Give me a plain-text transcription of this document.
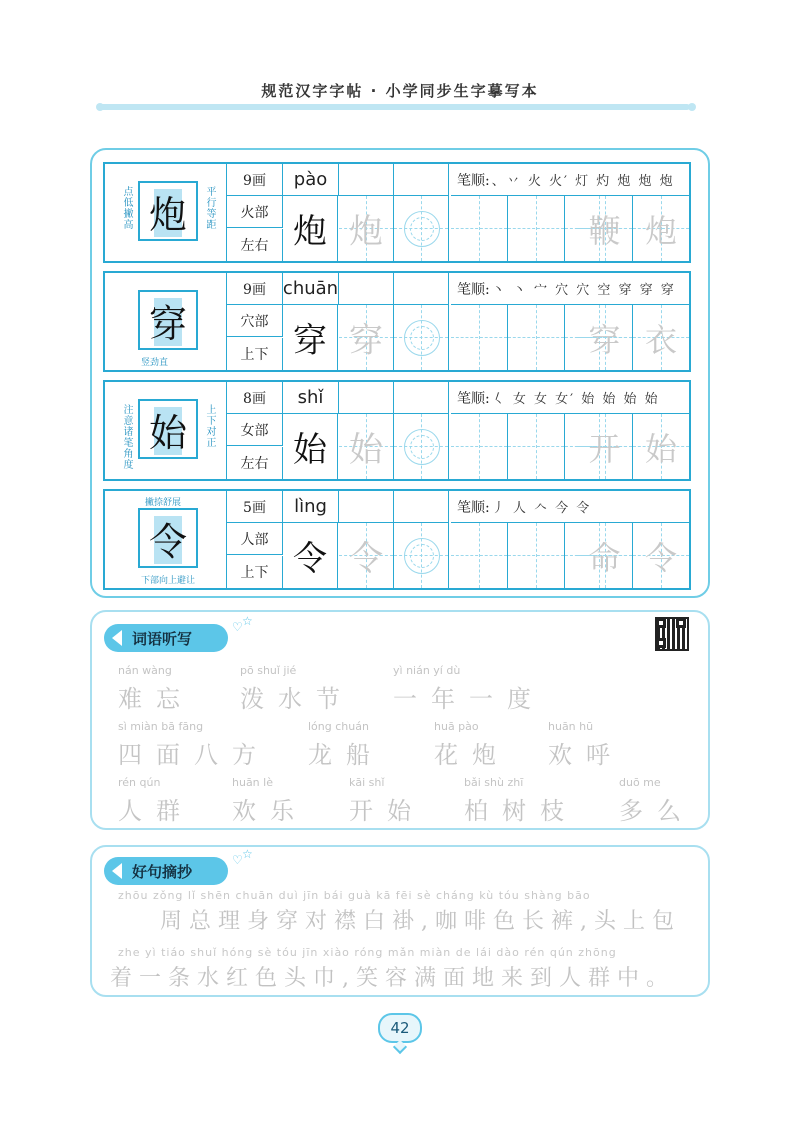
规范汉字字帖 · 小学同步生字摹写本
炮
点低撇高	平行等距
9画
火部
左右
pào
炮 炮
笔顺: 、丷 火 火′ 灯 灼 炮 炮 炮
炮
鞭
穿
竖劲直
9画
穴部
上下
chuān
穿 穿
笔顺: 丶 丶 宀 穴 穴 空 穿 穿 穿
衣
穿
始
注意诸笔角度	上下对正
8画
女部
左右
shǐ
始 始
笔顺: 𡿨 女 女 女′ 始 始 始 始
始
开
令
撇捺舒展
下部向上避让
5画
人部
上下
lìng
令 令
笔顺: 丿 人 𠆢 今 令
令
命
词语听写
♡ ☆
nán wàng
难忘
pō shuǐ jié
泼水节
yì nián yí dù
一年一度
sì miàn bā fāng
四面八方
lóng chuán
龙船
huā pào
花炮
huān hū
欢呼
rén qún
人群
huān lè
欢乐
kāi shǐ
开始
bǎi shù zhī
柏树枝
duō me
多么
好句摘抄
♡ ☆
zhōu zǒng lǐ shēn chuān duì jīn bái guà kā fēi sè cháng kù tóu shàng bāo
周总理身穿对襟白褂,咖啡色长裤,头上包
zhe yì tiáo shuǐ hóng sè tóu jīn xiào róng mǎn miàn de lái dào rén qún zhōng
着一条水红色头巾,笑容满面地来到人群中。
42
